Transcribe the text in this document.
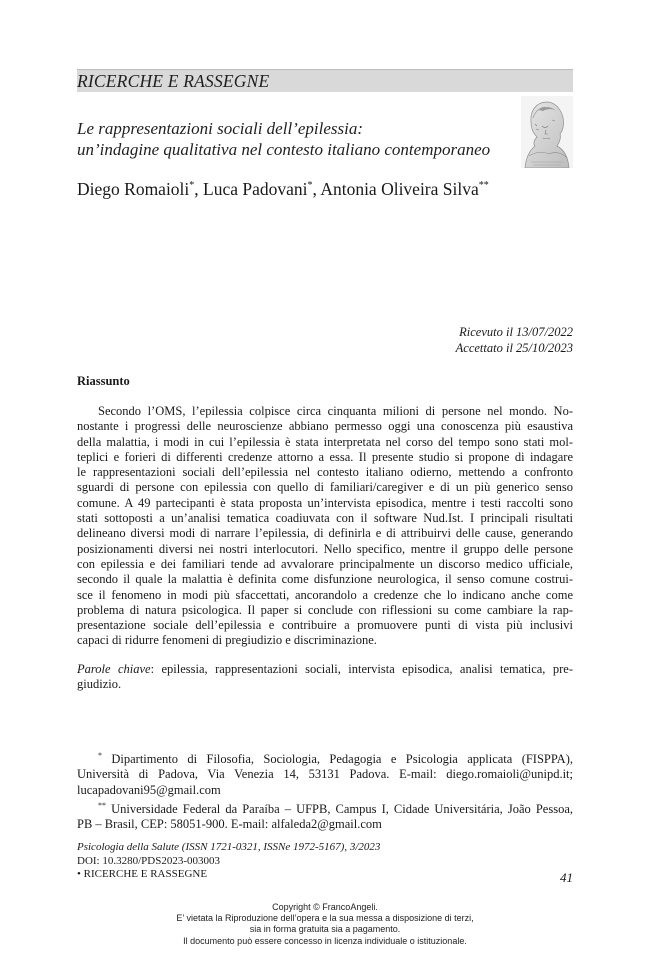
RICERCHE E RASSEGNE
Le rappresentazioni sociali dell’epilessia:
un’indagine qualitativa nel contesto italiano contemporaneo
Diego Romaioli*, Luca Padovani*, Antonia Oliveira Silva**
Ricevuto il 13/07/2022
Accettato il 25/10/2023
Riassunto
Secondo l’OMS, l’epilessia colpisce circa cinquanta milioni di persone nel mondo. No-
nostante i progressi delle neuroscienze abbiano permesso oggi una conoscenza più esaustiva
della malattia, i modi in cui l’epilessia è stata interpretata nel corso del tempo sono stati mol-
teplici e forieri di differenti credenze attorno a essa. Il presente studio si propone di indagare
le rappresentazioni sociali dell’epilessia nel contesto italiano odierno, mettendo a confronto
sguardi di persone con epilessia con quello di familiari/caregiver e di un più generico senso
comune. A 49 partecipanti è stata proposta un’intervista episodica, mentre i testi raccolti sono
stati sottoposti a un’analisi tematica coadiuvata con il software Nud.Ist. I principali risultati
delineano diversi modi di narrare l’epilessia, di definirla e di attribuirvi delle cause, generando
posizionamenti diversi nei nostri interlocutori. Nello specifico, mentre il gruppo delle persone
con epilessia e dei familiari tende ad avvalorare principalmente un discorso medico ufficiale,
secondo il quale la malattia è definita come disfunzione neurologica, il senso comune costrui-
sce il fenomeno in modi più sfaccettati, ancorandolo a credenze che lo indicano anche come
problema di natura psicologica. Il paper si conclude con riflessioni su come cambiare la rap-
presentazione sociale dell’epilessia e contribuire a promuovere punti di vista più inclusivi
capaci di ridurre fenomeni di pregiudizio e discriminazione.
Parole chiave: epilessia, rappresentazioni sociali, intervista episodica, analisi tematica, pre-
giudizio.
* Dipartimento di Filosofia, Sociologia, Pedagogia e Psicologia applicata (FISPPA),
Università di Padova, Via Venezia 14, 53131 Padova. E-mail: diego.romaioli@unipd.it;
lucapadovani95@gmail.com
** Universidade Federal da Paraíba – UFPB, Campus I, Cidade Universitária, João Pessoa,
PB – Brasil, CEP: 58051-900. E-mail: alfaleda2@gmail.com
Psicologia della Salute (ISSN 1721-0321, ISSNe 1972-5167), 3/2023
DOI: 10.3280/PDS2023-003003
• RICERCHE E RASSEGNE	41
Copyright © FrancoAngeli.
E’ vietata la Riproduzione dell’opera e la sua messa a disposizione di terzi,
sia in forma gratuita sia a pagamento.
Il documento può essere concesso in licenza individuale o istituzionale.
